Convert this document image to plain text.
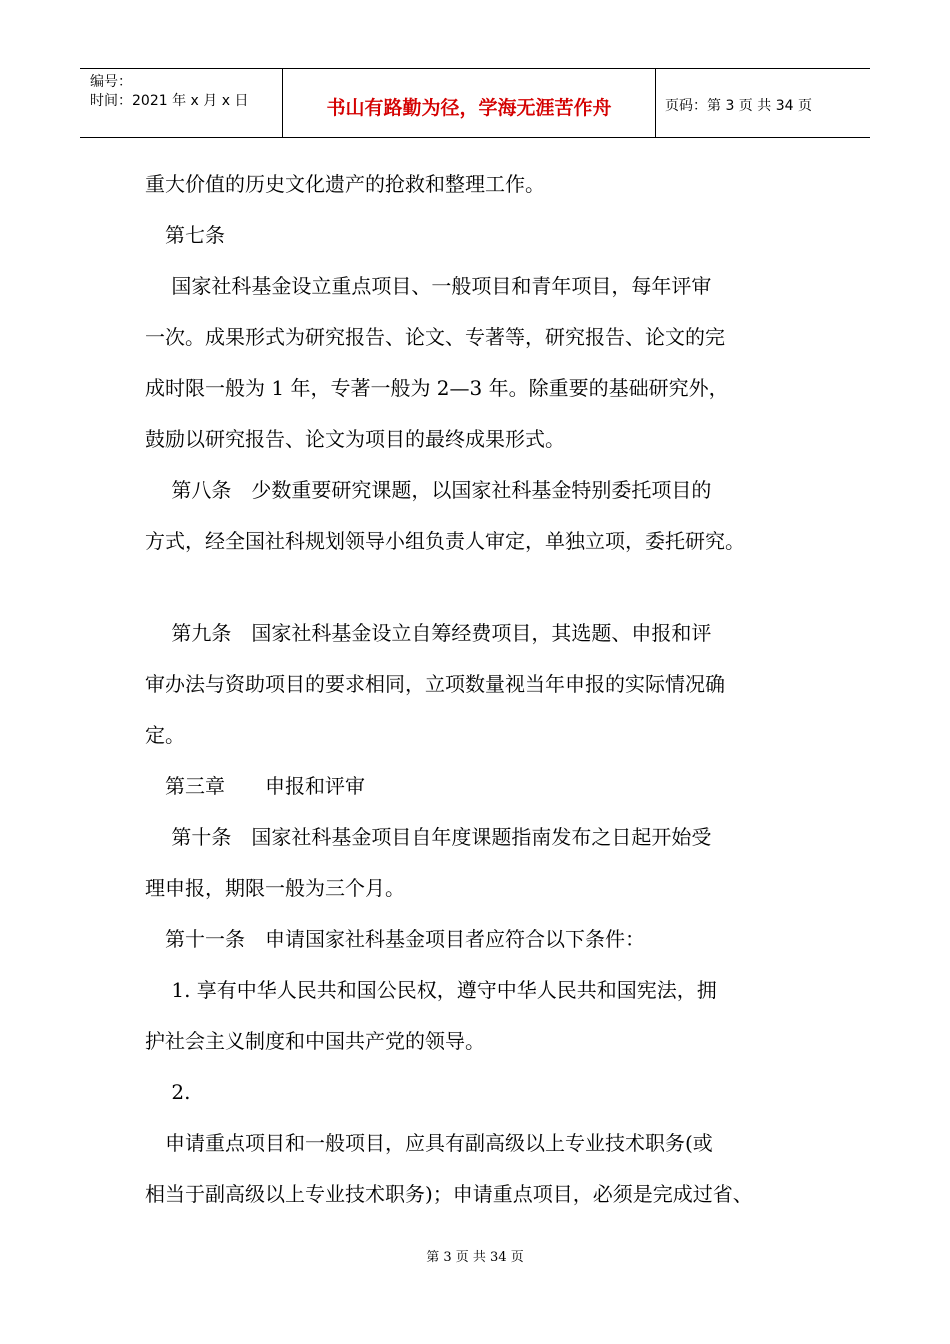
编号：
时间：2021 年 x 月 x 日	书山有路勤为径，学海无涯苦作舟	页码：第 3 页 共 34 页

重大价值的历史文化遗产的抢救和整理工作。

　第七条

　 国家社科基金设立重点项目、一般项目和青年项目，每年评审

一次。成果形式为研究报告、论文、专著等，研究报告、论文的完

成时限一般为 1 年，专著一般为 2—3 年。除重要的基础研究外，

鼓励以研究报告、论文为项目的最终成果形式。

　 第八条　少数重要研究课题，以国家社科基金特别委托项目的

方式，经全国社科规划领导小组负责人审定，单独立项，委托研究。

　 第九条　国家社科基金设立自筹经费项目，其选题、申报和评

审办法与资助项目的要求相同，立项数量视当年申报的实际情况确

定。

　第三章　　申报和评审

　 第十条　国家社科基金项目自年度课题指南发布之日起开始受

理申报，期限一般为三个月。

　第十一条　申请国家社科基金项目者应符合以下条件：

　 1. 享有中华人民共和国公民权，遵守中华人民共和国宪法，拥

护社会主义制度和中国共产党的领导。

　 2.

　申请重点项目和一般项目，应具有副高级以上专业技术职务(或

相当于副高级以上专业技术职务)；申请重点项目，必须是完成过省、

第 3 页 共 34 页
